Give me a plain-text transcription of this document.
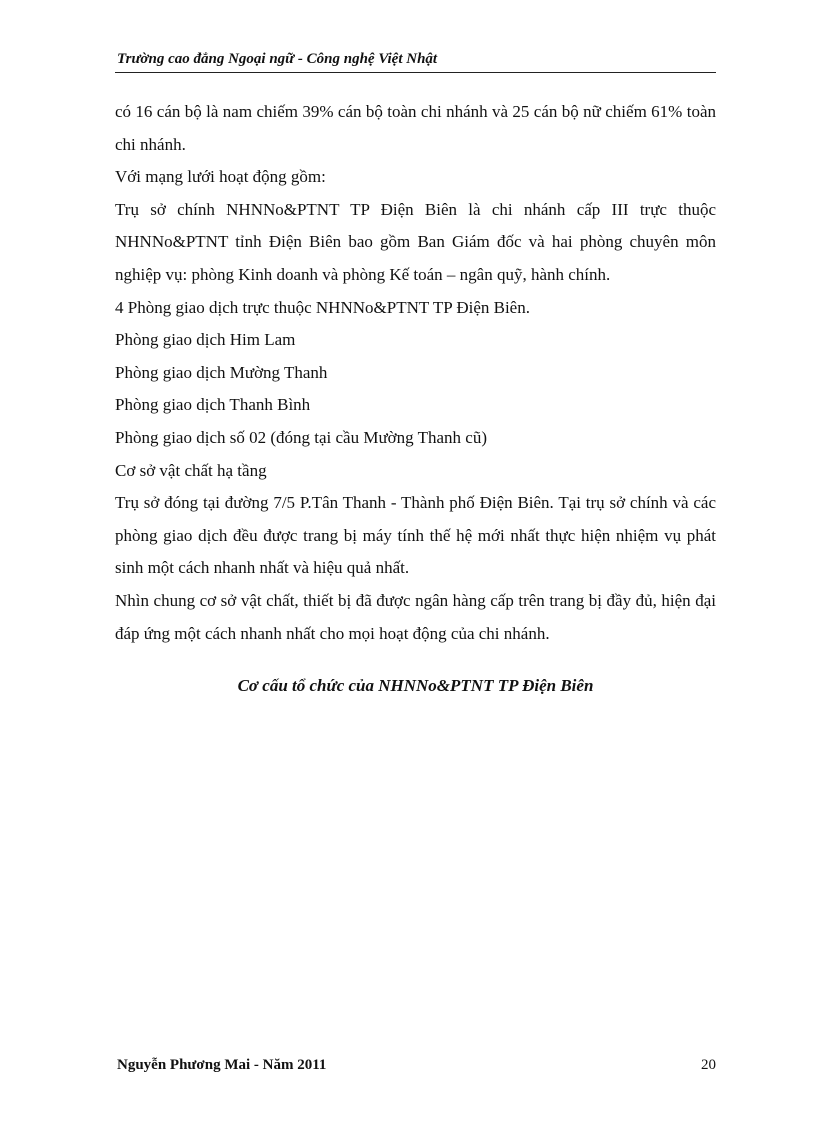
Trường cao đẳng Ngoại ngữ - Công nghệ Việt Nhật

có 16 cán bộ là nam chiếm 39% cán bộ toàn chi nhánh và 25 cán bộ nữ chiếm 61% toàn chi nhánh.

Với mạng lưới hoạt động gồm:

Trụ sở chính NHNNo&PTNT TP Điện Biên là chi nhánh cấp III trực thuộc NHNNo&PTNT tỉnh Điện Biên bao gồm Ban Giám đốc và hai phòng chuyên môn nghiệp vụ: phòng Kinh doanh và phòng Kế toán – ngân quỹ, hành chính.

4 Phòng giao dịch trực thuộc NHNNo&PTNT TP Điện Biên.

Phòng giao dịch Him Lam

Phòng giao dịch Mường Thanh

Phòng giao dịch Thanh Bình

Phòng giao dịch số 02 (đóng tại cầu Mường Thanh cũ)

Cơ sở vật chất hạ tầng

Trụ sở đóng tại đường 7/5 P.Tân Thanh - Thành phố Điện Biên. Tại trụ sở chính và các phòng giao dịch đều được trang bị máy tính thế hệ mới nhất thực hiện nhiệm vụ phát sinh một cách nhanh nhất và hiệu quả nhất.

Nhìn chung cơ sở vật chất, thiết bị đã được ngân hàng cấp trên trang bị đầy đủ, hiện đại đáp ứng một cách nhanh nhất cho mọi hoạt động của chi nhánh.

Cơ cấu tổ chức của NHNNo&PTNT TP Điện Biên
Nguyễn Phương Mai - Năm 2011	20
